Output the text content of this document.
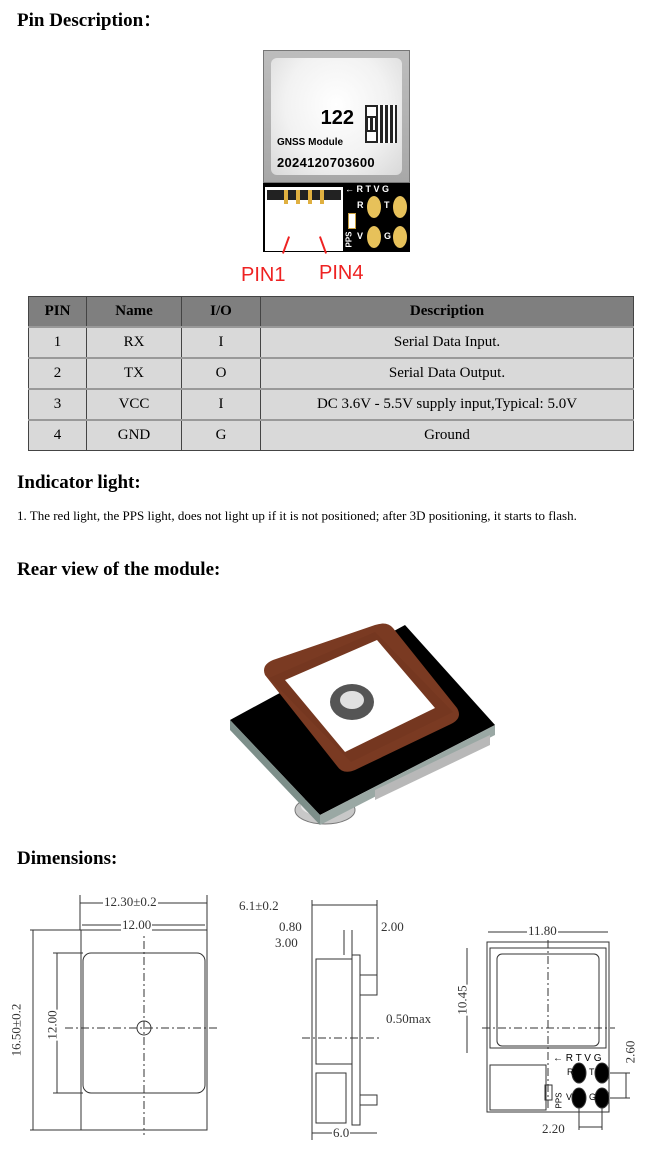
Pin Description：
122
GNSS Module
2024120703600
← R T V G
R T
V G
PPS
PIN1 PIN4
PIN	Name	I/O	Description
1	RX	I	Serial Data Input.
2	TX	O	Serial Data Output.
3	VCC	I	DC 3.6V - 5.5V supply input,Typical: 5.0V
4	GND	G	Ground
Indicator light:
1. The red light, the PPS light, does not light up if it is not positioned; after 3D positioning, it starts to flash.
Rear view of the module:
Dimensions:
12.30±0.2
12.00
16.50±0.2 12.00
6.1±0.2
0.80	2.00
3.00
0.50max
6.0
11.80
10.45
2.60
2.20
← R T V G
R T
V G
PPS
